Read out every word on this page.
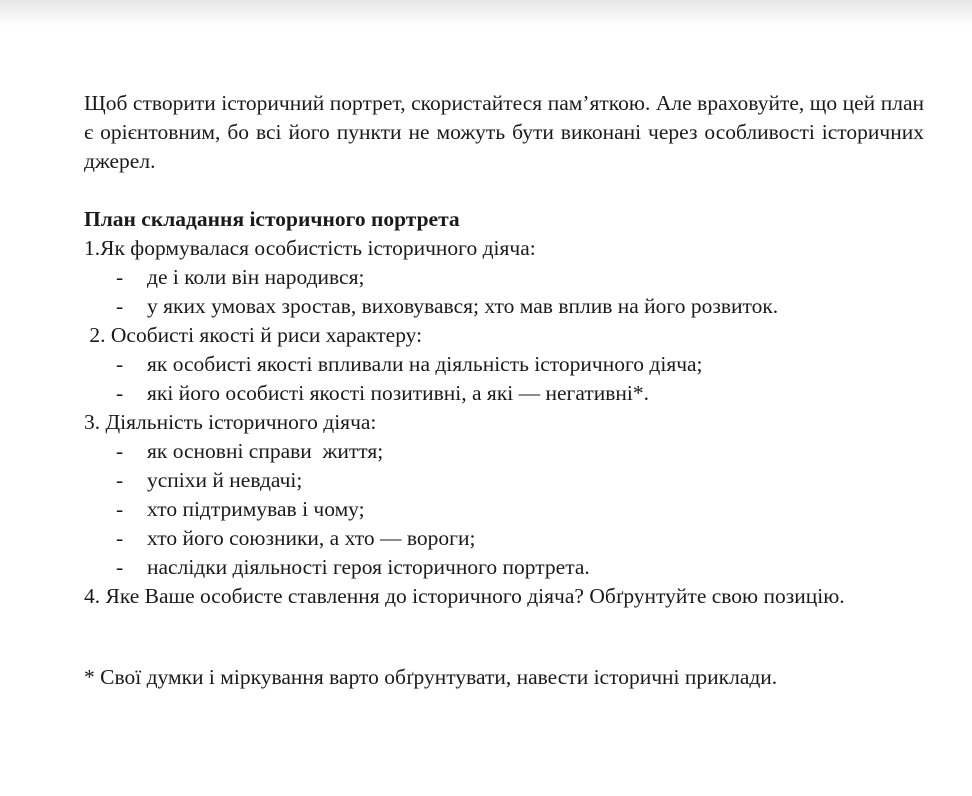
Щоб створити історичний портрет, скористайтеся пам’яткою. Але враховуйте, що цей план є орієнтовним, бо всі його пункти не можуть бути виконані через особливості історичних джерел.

План складання історичного портрета

1.Як формувалася особистість історичного діяча:

- де і коли він народився;
- у яких умовах зростав, виховувався; хто мав вплив на його розвиток.

2. Особисті якості й риси характеру:

- як особисті якості впливали на діяльність історичного діяча;
- які його особисті якості позитивні, а які — негативні*.

3. Діяльність історичного діяча:

- як основні справи  життя;
- успіхи й невдачі;
- хто підтримував і чому;
- хто його союзники, а хто — вороги;
- наслідки діяльності героя історичного портрета.

4. Яке Ваше особисте ставлення до історичного діяча? Обґрунтуйте свою позицію.

* Свої думки і міркування варто обґрунтувати, навести історичні приклади.
